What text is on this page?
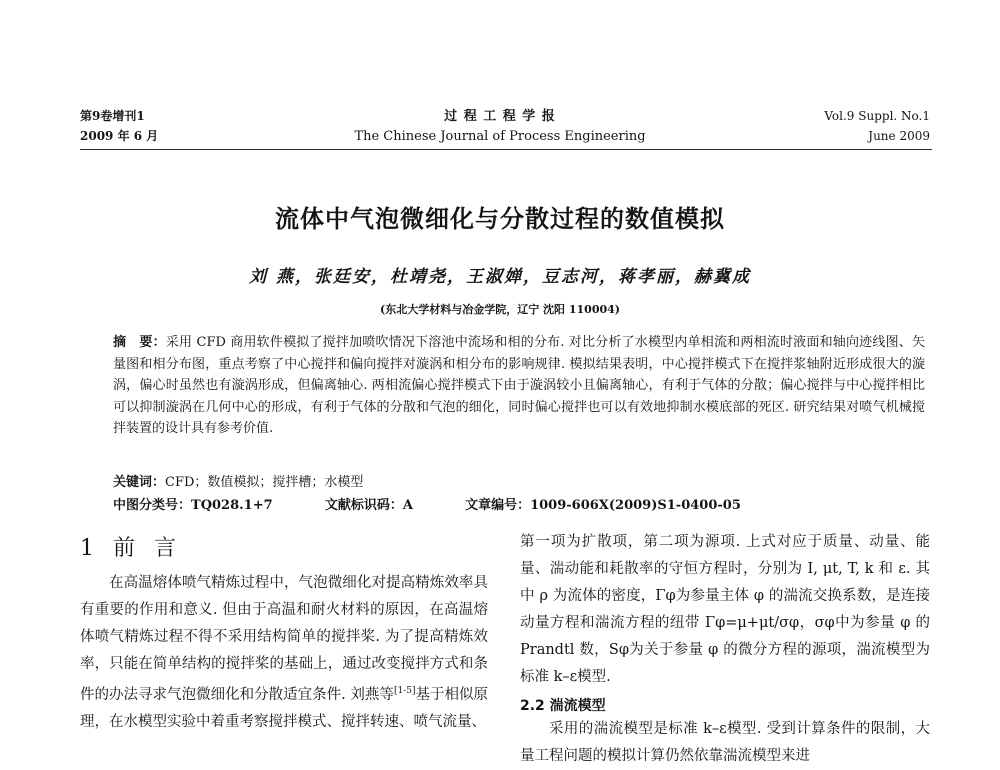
第9卷增刊1
2009 年 6 月
过 程 工 程 学 报
The Chinese Journal of Process Engineering
Vol.9 Suppl. No.1
June 2009
流体中气泡微细化与分散过程的数值模拟
刘 燕，张廷安，杜靖尧，王淑婵，豆志河，蒋孝丽，赫冀成
(东北大学材料与冶金学院，辽宁 沈阳 110004)
摘　要：采用 CFD 商用软件模拟了搅拌加喷吹情况下溶池中流场和相的分布. 对比分析了水模型内单相流和两相流时液面和轴向迹线图、矢量图和相分布图，重点考察了中心搅拌和偏向搅拌对漩涡和相分布的影响规律. 模拟结果表明，中心搅拌模式下在搅拌浆轴附近形成很大的漩涡，偏心时虽然也有漩涡形成，但偏离轴心. 两相流偏心搅拌模式下由于漩涡较小且偏离轴心，有利于气体的分散；偏心搅拌与中心搅拌相比可以抑制漩涡在几何中心的形成，有利于气体的分散和气泡的细化，同时偏心搅拌也可以有效地抑制水模底部的死区. 研究结果对喷气机械搅拌装置的设计具有参考价值.
关键词：CFD；数值模拟；搅拌槽；水模型
中图分类号：TQ028.1+7	文献标识码：A	文章编号：1009-606X(2009)S1-0400-05
1 前 言
在高温熔体喷气精炼过程中，气泡微细化对提高精炼效率具有重要的作用和意义. 但由于高温和耐火材料的原因，在高温熔体喷气精炼过程不得不采用结构简单的搅拌桨. 为了提高精炼效率，只能在简单结构的搅拌桨的基础上，通过改变搅拌方式和条件的办法寻求气泡微细化和分散适宜条件. 刘燕等[1-5]基于相似原理，在水模型实验中着重考察搅拌模式、搅拌转速、喷气流量、
第一项为扩散项，第二项为源项. 上式对应于质量、动量、能量、湍动能和耗散率的守恒方程时，分别为 I, μt, T, k 和 ε. 其中 ρ 为流体的密度，Γφ为参量主体 φ 的湍流交换系数，是连接动量方程和湍流方程的纽带 Γφ=μ+μt/σφ，σφ中为参量 φ 的 Prandtl 数，Sφ为关于参量 φ 的微分方程的源项，湍流模型为标准 k–ε模型.
2.2 湍流模型
采用的湍流模型是标准 k–ε模型. 受到计算条件的限制，大量工程问题的模拟计算仍然依靠湍流模型来进
